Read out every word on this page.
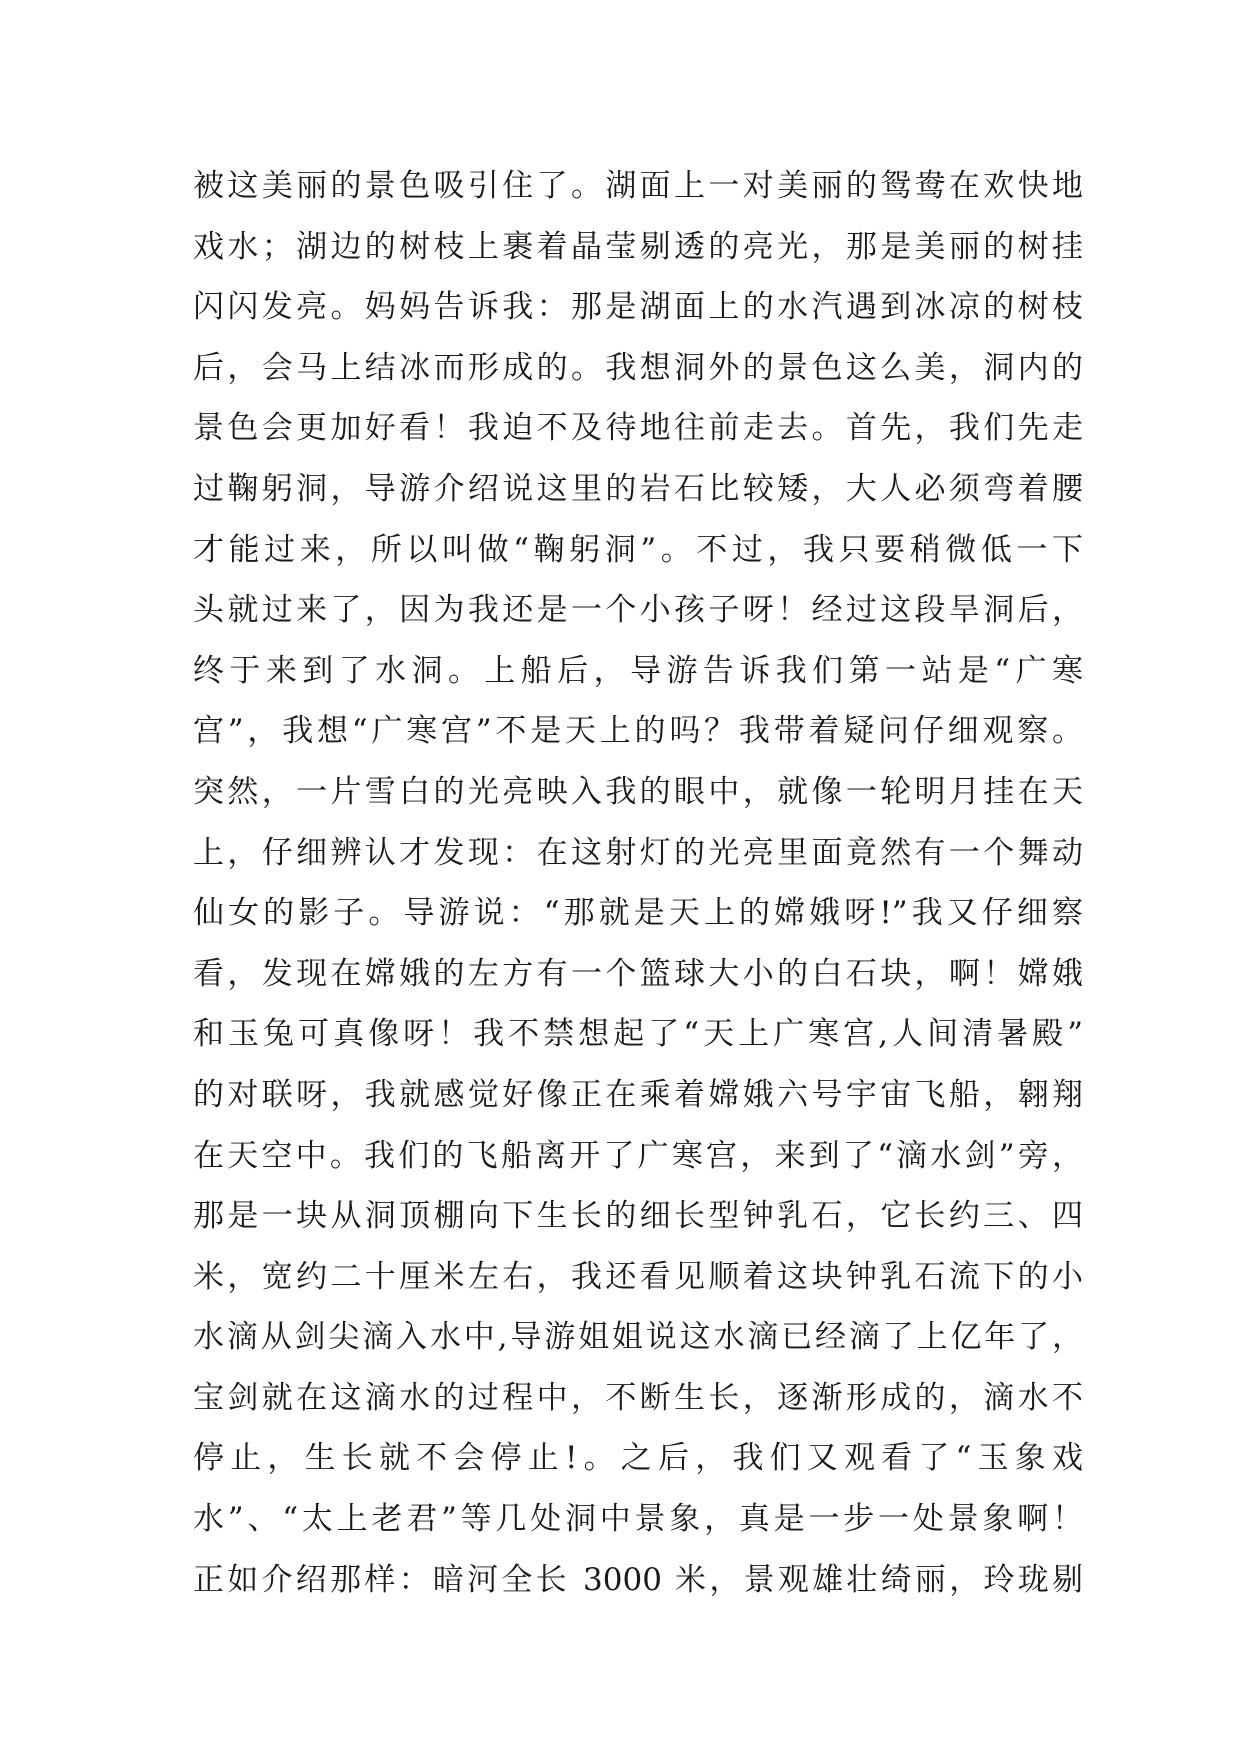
被这美丽的景色吸引住了。湖面上一对美丽的鸳鸯在欢快地
戏水；湖边的树枝上裹着晶莹剔透的亮光，那是美丽的树挂
闪闪发亮。妈妈告诉我：那是湖面上的水汽遇到冰凉的树枝
后，会马上结冰而形成的。我想洞外的景色这么美，洞内的
景色会更加好看！我迫不及待地往前走去。首先，我们先走
过鞠躬洞，导游介绍说这里的岩石比较矮，大人必须弯着腰
才能过来，所以叫做“鞠躬洞”。不过，我只要稍微低一下
头就过来了，因为我还是一个小孩子呀！经过这段旱洞后，
终于来到了水洞。上船后，导游告诉我们第一站是“广寒
宫”，我想“广寒宫”不是天上的吗？我带着疑问仔细观察。
突然，一片雪白的光亮映入我的眼中，就像一轮明月挂在天
上，仔细辨认才发现：在这射灯的光亮里面竟然有一个舞动
仙女的影子。导游说：“那就是天上的嫦娥呀!”我又仔细察
看，发现在嫦娥的左方有一个篮球大小的白石块，啊！嫦娥
和玉兔可真像呀！我不禁想起了“天上广寒宫,人间清暑殿”
的对联呀，我就感觉好像正在乘着嫦娥六号宇宙飞船，翱翔
在天空中。我们的飞船离开了广寒宫，来到了“滴水剑”旁，
那是一块从洞顶棚向下生长的细长型钟乳石，它长约三、四
米，宽约二十厘米左右，我还看见顺着这块钟乳石流下的小
水滴从剑尖滴入水中,导游姐姐说这水滴已经滴了上亿年了，
宝剑就在这滴水的过程中，不断生长，逐渐形成的，滴水不
停止，生长就不会停止!。之后，我们又观看了“玉象戏
水”、“太上老君”等几处洞中景象，真是一步一处景象啊！
正如介绍那样：暗河全长 3000 米，景观雄壮绮丽，玲珑剔
